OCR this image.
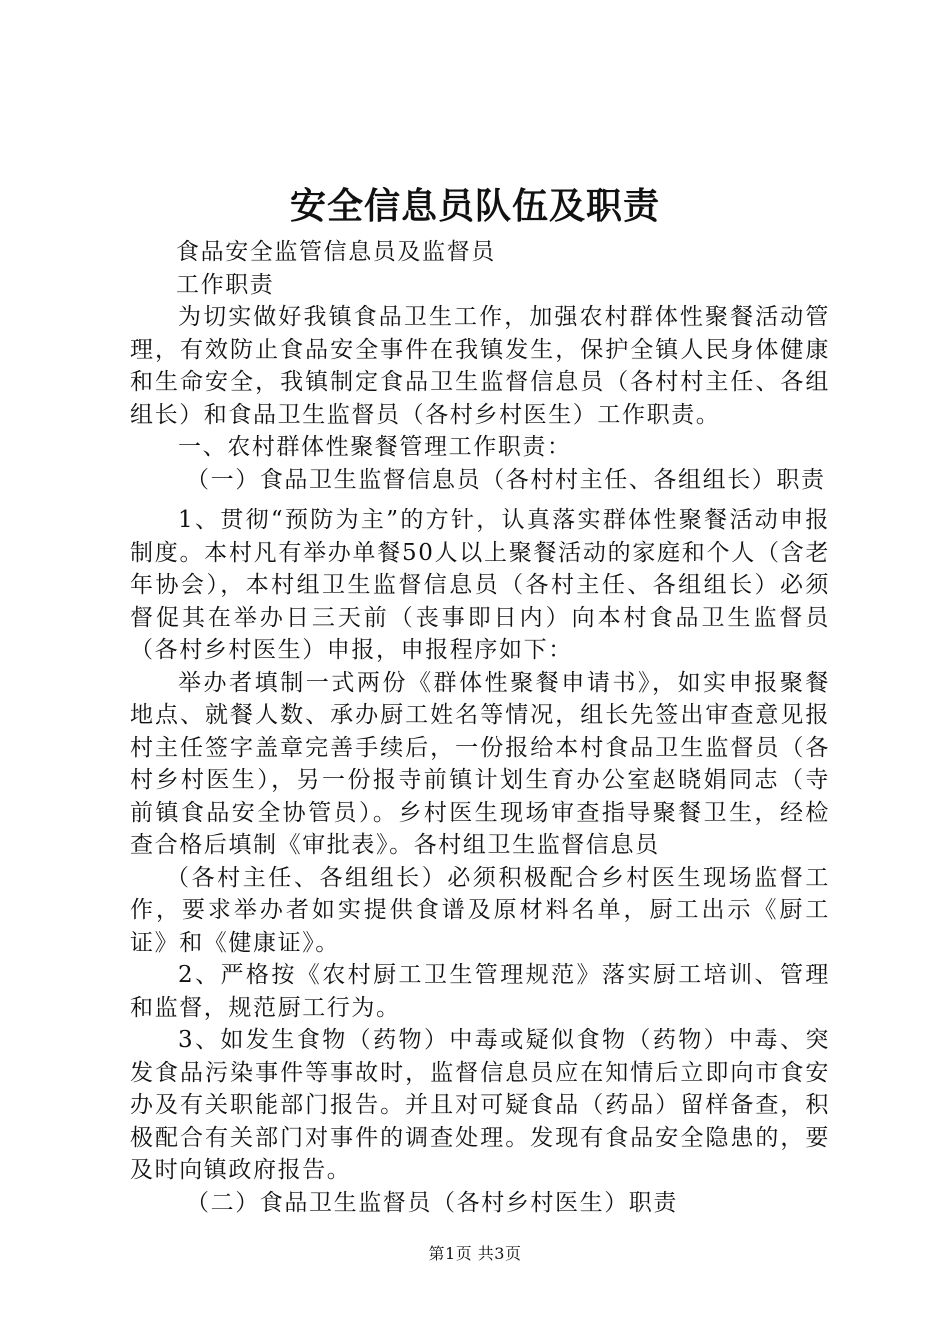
安全信息员队伍及职责

食品安全监管信息员及监督员

工作职责

为切实做好我镇食品卫生工作，加强农村群体性聚餐活动管理，有效防止食品安全事件在我镇发生，保护全镇人民身体健康和生命安全，我镇制定食品卫生监督信息员（各村村主任、各组组长）和食品卫生监督员（各村乡村医生）工作职责。

一、农村群体性聚餐管理工作职责：

（一）食品卫生监督信息员（各村村主任、各组组长）职责

1、贯彻“预防为主”的方针，认真落实群体性聚餐活动申报制度。本村凡有举办单餐50人以上聚餐活动的家庭和个人（含老年协会），本村组卫生监督信息员（各村主任、各组组长）必须督促其在举办日三天前（丧事即日内）向本村食品卫生监督员（各村乡村医生）申报，申报程序如下：

举办者填制一式两份《群体性聚餐申请书》，如实申报聚餐地点、就餐人数、承办厨工姓名等情况，组长先签出审查意见报村主任签字盖章完善手续后，一份报给本村食品卫生监督员（各村乡村医生），另一份报寺前镇计划生育办公室赵晓娟同志（寺前镇食品安全协管员）。乡村医生现场审查指导聚餐卫生，经检查合格后填制《审批表》。各村组卫生监督信息员

（各村主任、各组组长）必须积极配合乡村医生现场监督工作，要求举办者如实提供食谱及原材料名单，厨工出示《厨工证》和《健康证》。

2、严格按《农村厨工卫生管理规范》落实厨工培训、管理和监督，规范厨工行为。

3、如发生食物（药物）中毒或疑似食物（药物）中毒、突发食品污染事件等事故时，监督信息员应在知情后立即向市食安办及有关职能部门报告。并且对可疑食品（药品）留样备查，积极配合有关部门对事件的调查处理。发现有食品安全隐患的，要及时向镇政府报告。

（二）食品卫生监督员（各村乡村医生）职责

第1页 共3页
